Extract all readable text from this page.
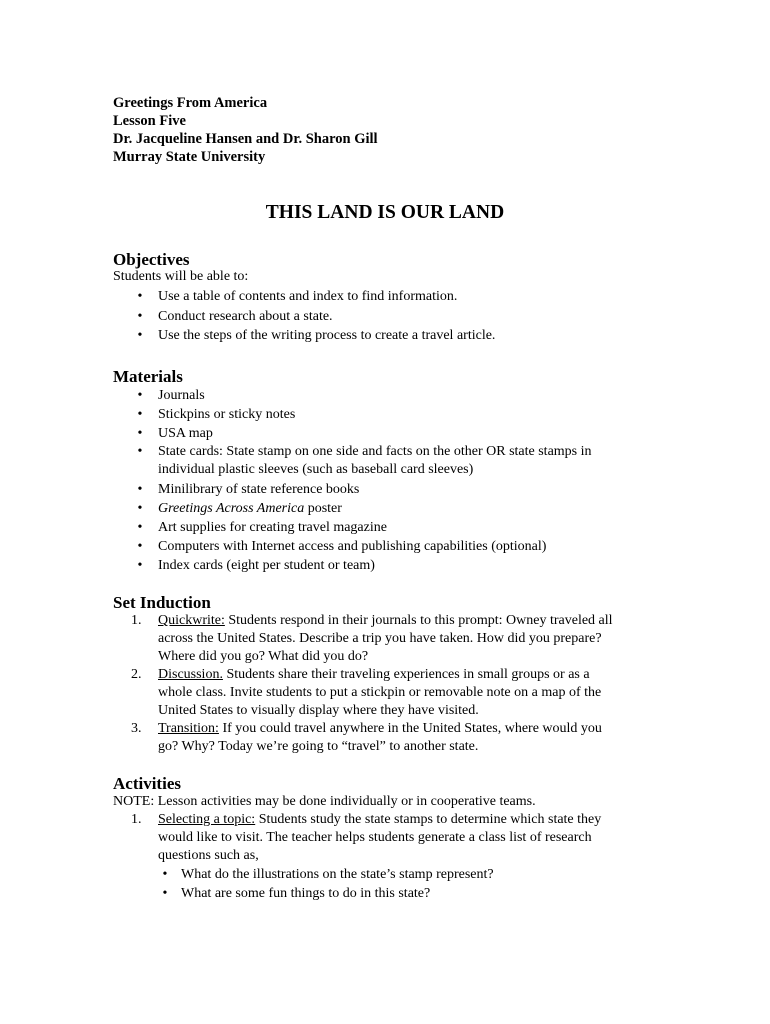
Greetings From America
Lesson Five
Dr. Jacqueline Hansen and Dr. Sharon Gill
Murray State University
THIS LAND IS OUR LAND
Objectives
Students will be able to:
•	Use a table of contents and index to find information.
•	Conduct research about a state.
•	Use the steps of the writing process to create a travel article.
Materials
•	Journals
•	Stickpins or sticky notes
•	USA map
•	State cards: State stamp on one side and facts on the other OR state stamps in
individual plastic sleeves (such as baseball card sleeves)
•	Minilibrary of state reference books
•	Greetings Across America poster
•	Art supplies for creating travel magazine
•	Computers with Internet access and publishing capabilities (optional)
•	Index cards (eight per student or team)
Set Induction
1. Quickwrite: Students respond in their journals to this prompt: Owney traveled all
across the United States. Describe a trip you have taken. How did you prepare?
Where did you go? What did you do?
2. Discussion. Students share their traveling experiences in small groups or as a
whole class. Invite students to put a stickpin or removable note on a map of the
United States to visually display where they have visited.
3. Transition: If you could travel anywhere in the United States, where would you
go? Why? Today we’re going to “travel” to another state.
Activities
NOTE: Lesson activities may be done individually or in cooperative teams.
1. Selecting a topic: Students study the state stamps to determine which state they
would like to visit. The teacher helps students generate a class list of research
questions such as,
• What do the illustrations on the state’s stamp represent?
• What are some fun things to do in this state?
